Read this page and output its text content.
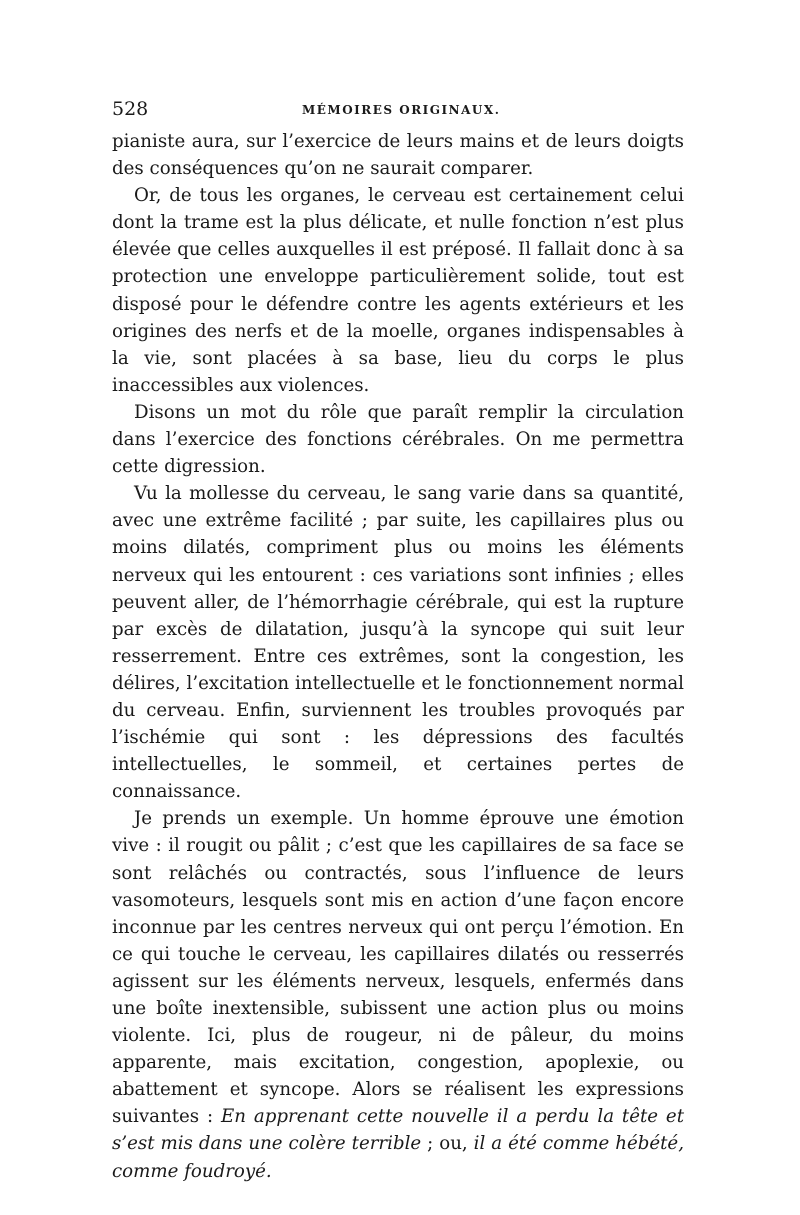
528	MÉMOIRES ORIGINAUX.

pianiste aura, sur l’exercice de leurs mains et de leurs doigts des conséquences qu’on ne saurait comparer.

Or, de tous les organes, le cerveau est certainement celui dont la trame est la plus délicate, et nulle fonction n’est plus élevée que celles auxquelles il est préposé. Il fallait donc à sa protection une enveloppe particulièrement solide, tout est disposé pour le défendre contre les agents extérieurs et les origines des nerfs et de la moelle, organes indispensables à la vie, sont placées à sa base, lieu du corps le plus inaccessibles aux violences.

Disons un mot du rôle que paraît remplir la circulation dans l’exercice des fonctions cérébrales. On me permettra cette digression.

Vu la mollesse du cerveau, le sang varie dans sa quantité, avec une extrême facilité ; par suite, les capillaires plus ou moins dilatés, compriment plus ou moins les éléments nerveux qui les entourent : ces variations sont infinies ; elles peuvent aller, de l’hémorrhagie cérébrale, qui est la rupture par excès de dilatation, jusqu’à la syncope qui suit leur resserrement. Entre ces extrêmes, sont la congestion, les délires, l’excitation intellectuelle et le fonctionnement normal du cerveau. Enfin, surviennent les troubles provoqués par l’ischémie qui sont : les dépressions des facultés intellectuelles, le sommeil, et certaines pertes de connaissance.

Je prends un exemple. Un homme éprouve une émotion vive : il rougit ou pâlit ; c’est que les capillaires de sa face se sont relâchés ou contractés, sous l’influence de leurs vasomoteurs, lesquels sont mis en action d’une façon encore inconnue par les centres nerveux qui ont perçu l’émotion. En ce qui touche le cerveau, les capillaires dilatés ou resserrés agissent sur les éléments nerveux, lesquels, enfermés dans une boîte inextensible, subissent une action plus ou moins violente. Ici, plus de rougeur, ni de pâleur, du moins apparente, mais excitation, congestion, apoplexie, ou abattement et syncope. Alors se réalisent les expressions suivantes : En apprenant cette nouvelle il a perdu la tête et s’est mis dans une colère terrible ; ou, il a été comme hébété, comme foudroyé.
